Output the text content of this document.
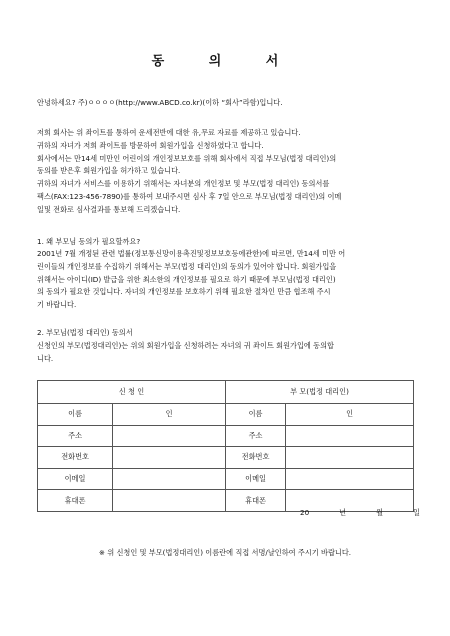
동 의 서
안녕하세요? 주)ㅇㅇㅇㅇ(http://www.ABCD.co.kr)(이하 “회사”라함)입니다.
저희 회사는 위 좌이트를 통하여 운세전반에 대한 유,무료 자료를 제공하고 있습니다.
귀하의 자녀가 저희 좌이트를 방문하여 회원가입을 신청하였다고 합니다.
회사에서는 만14세 미만인 어린이의 개인정보보호를 위해 회사에서 직접 부모님(법정 대리인)의
동의를 받은후 회원가입을 허가하고 있습니다.
귀하의 자녀가 서비스를 이용하기 위해서는 자녀분의 개인정보 및 부모(법정 대리인) 동의서를
팩스(FAX:123-456-7890)를 통하여 보내주시면 심사 후 7일 안으로 부모님(법정 대리인)의 이메
일및 전화로 심사결과를 통보해 드리겠습니다.
1. 왜 부모님 동의가 필요할까요?
2001년 7월 개정된 관련 법률(정보통신망이용촉진및정보보호등에관한)에 따르면, 만14세 미만 어
린이들의 개인정보를 수집하기 위해서는 부모(법정 대리인)의 동의가 있어야 합니다. 회원가입을
위해서는 아이디(ID) 발급을 위한 최소한의 개인정보를 필요로 하기 때문에 부모님(법정 대리인)
의 동의가 필요한 것입니다. 자녀의 개인정보를 보호하기 위해 필요한 절차인 만큼 협조해 주시
기 바랍니다.
2. 부모님(법정 대리인) 동의서
신청인의 부모(법정대리인)는 위의 회원가입을 신청하려는 자녀의 귀 좌이트 회원가입에 동의합
니다.
신 청 인		부 모(법정 대리인)	
이름	인	이름	인
주소		주소	
전화번호		전화번호	
이메일		이메일	
휴대폰		휴대폰	
20	년	월	일
※ 위 신청인 및 부모(법정대리인) 이름란에 직접 서명/날인하여 주시기 바랍니다.
